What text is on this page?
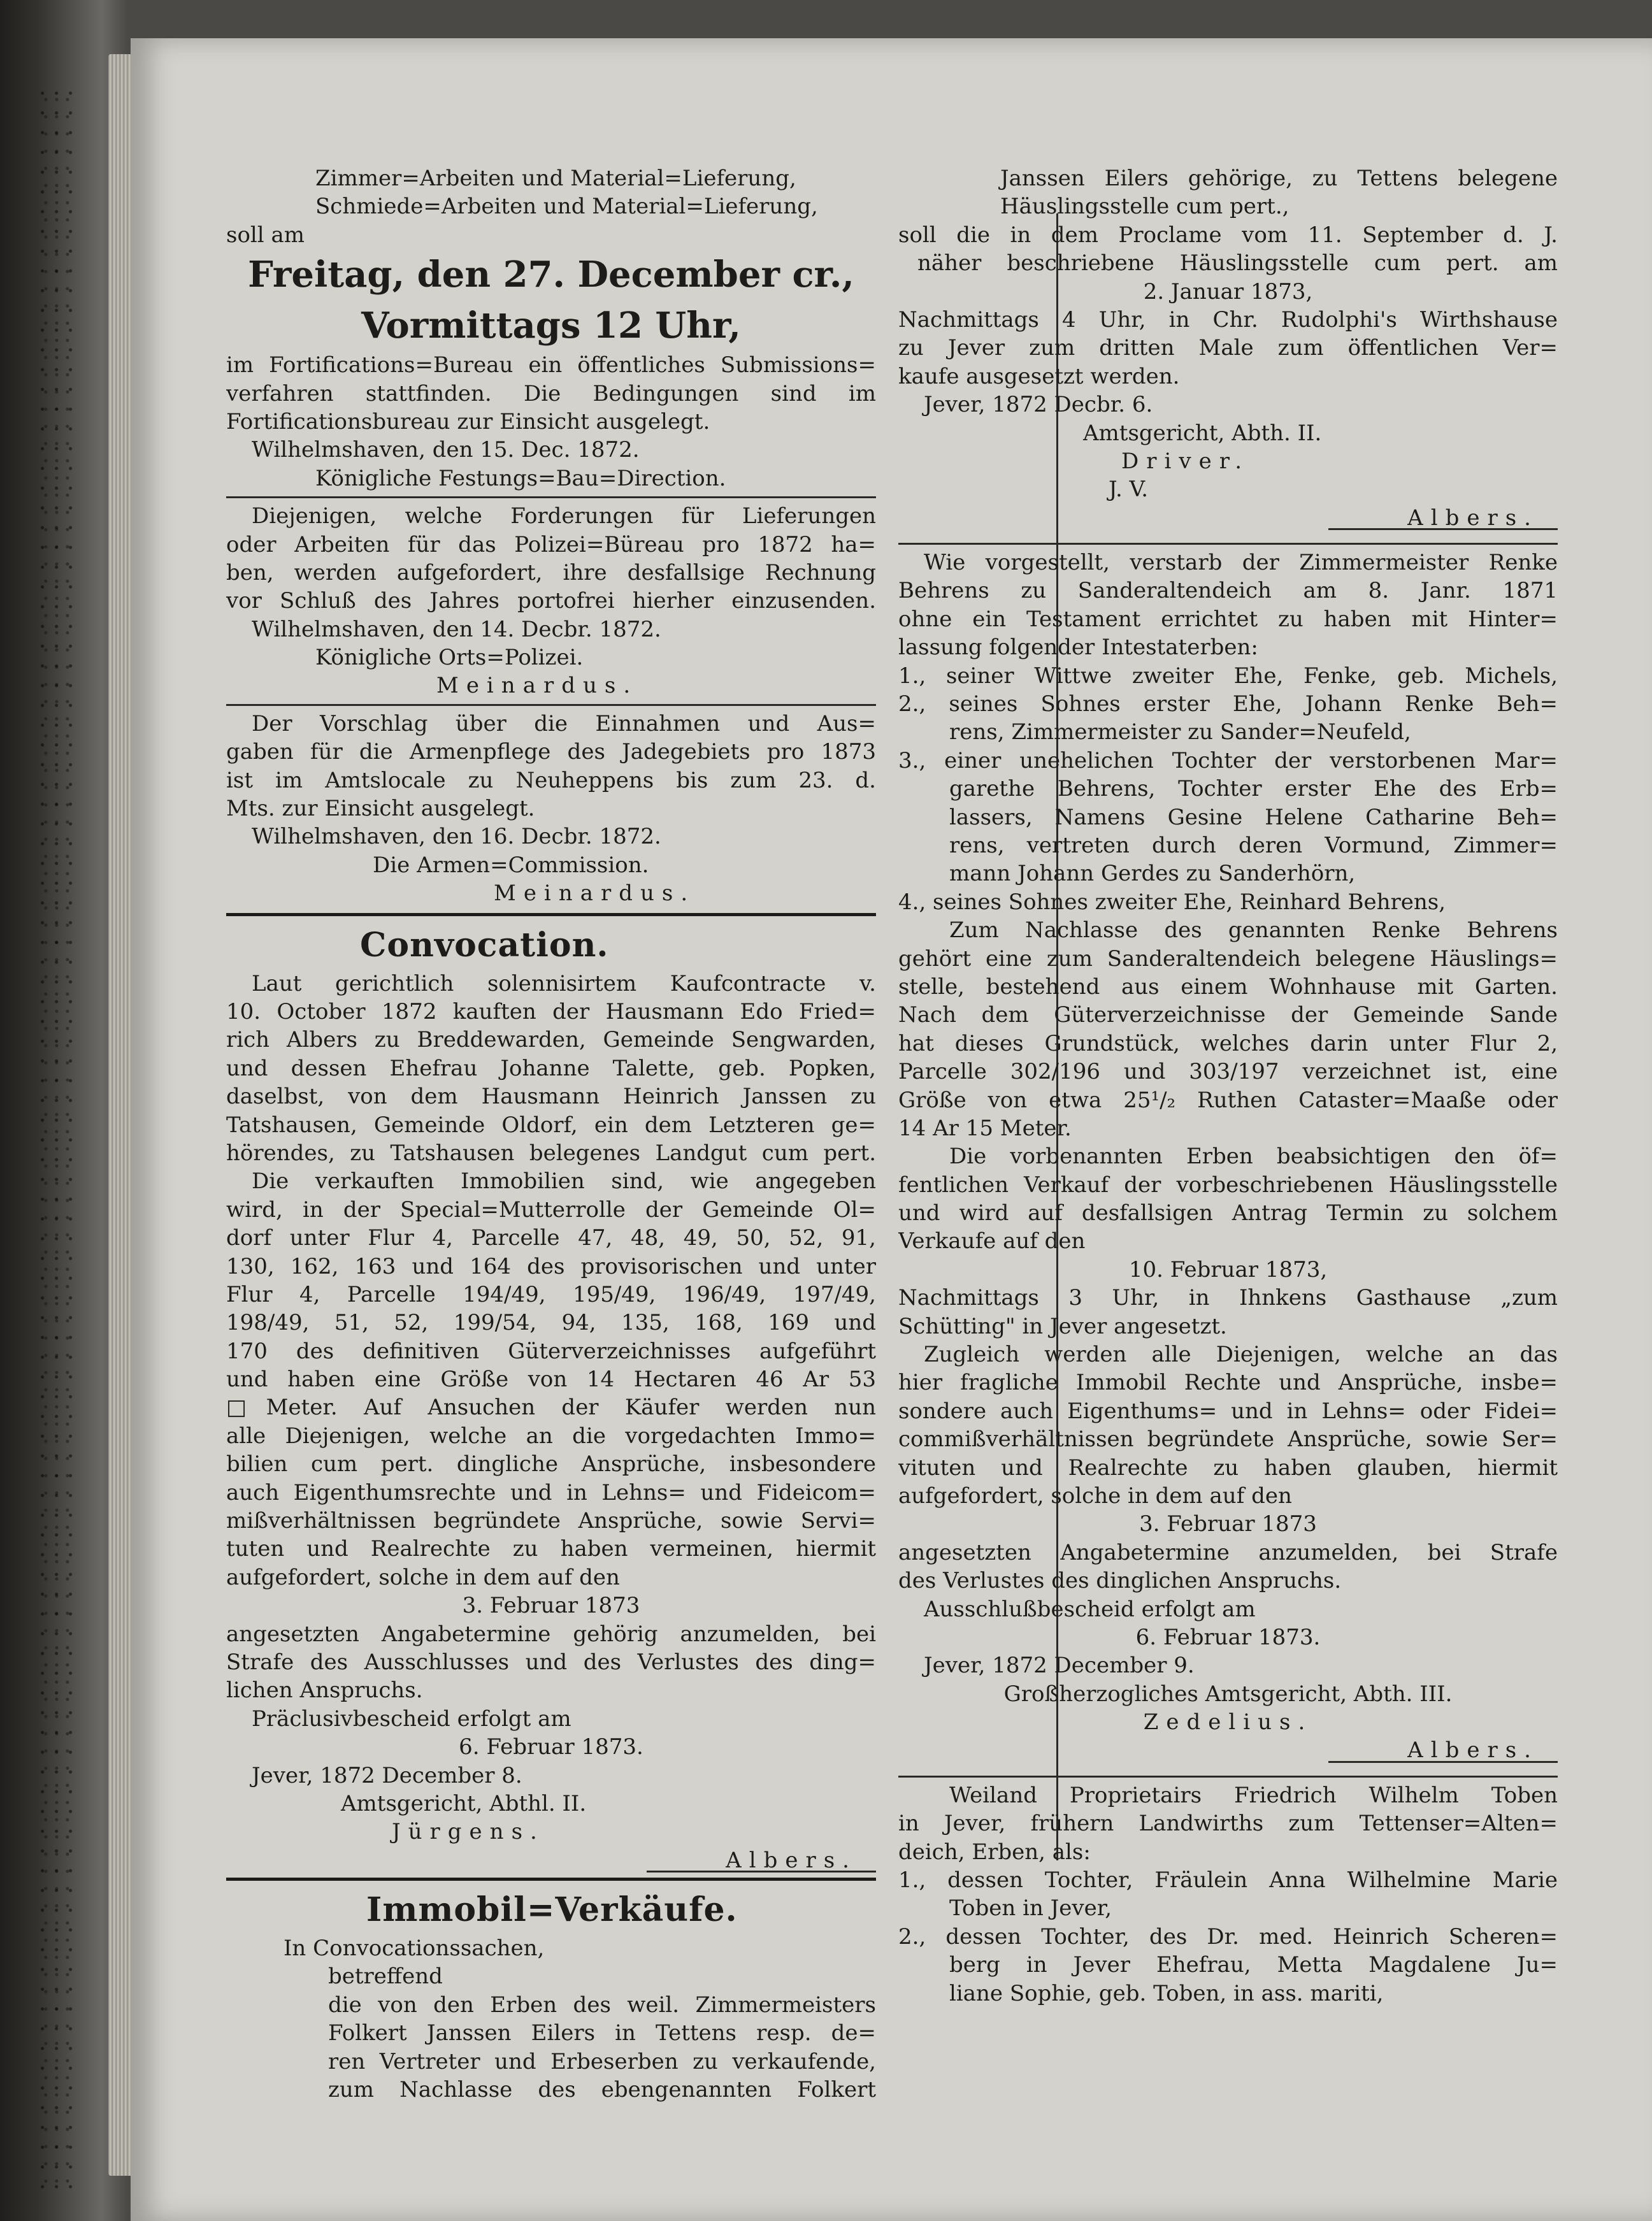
Zimmer=Arbeiten und Material=Lieferung,
Schmiede=Arbeiten und Material=Lieferung,
soll am
Freitag, den 27. December cr.,
Vormittags 12 Uhr,
im Fortifications=Bureau ein öffentliches Submissions=
verfahren stattfinden. Die Bedingungen sind im
Fortificationsbureau zur Einsicht ausgelegt.
Wilhelmshaven, den 15. Dec. 1872.
Königliche Festungs=Bau=Direction.
Diejenigen, welche Forderungen für Lieferungen
oder Arbeiten für das Polizei=Büreau pro 1872 ha=
ben, werden aufgefordert, ihre desfallsige Rechnung
vor Schluß des Jahres portofrei hierher einzusenden.
Wilhelmshaven, den 14. Decbr. 1872.
Königliche Orts=Polizei.
Meinardus.
Der Vorschlag über die Einnahmen und Aus=
gaben für die Armenpflege des Jadegebiets pro 1873
ist im Amtslocale zu Neuheppens bis zum 23. d.
Mts. zur Einsicht ausgelegt.
Wilhelmshaven, den 16. Decbr. 1872.
Die Armen=Commission.
Meinardus.
Convocation.
Laut gerichtlich solennisirtem Kaufcontracte v.
10. October 1872 kauften der Hausmann Edo Fried=
rich Albers zu Breddewarden, Gemeinde Sengwarden,
und dessen Ehefrau Johanne Talette, geb. Popken,
daselbst, von dem Hausmann Heinrich Janssen zu
Tatshausen, Gemeinde Oldorf, ein dem Letzteren ge=
hörendes, zu Tatshausen belegenes Landgut cum pert.
Die verkauften Immobilien sind, wie angegeben
wird, in der Special=Mutterrolle der Gemeinde Ol=
dorf unter Flur 4, Parcelle 47, 48, 49, 50, 52, 91,
130, 162, 163 und 164 des provisorischen und unter
Flur 4, Parcelle 194/49, 195/49, 196/49, 197/49,
198/49, 51, 52, 199/54, 94, 135, 168, 169 und
170 des definitiven Güterverzeichnisses aufgeführt
und haben eine Größe von 14 Hectaren 46 Ar 53
□Meter. Auf Ansuchen der Käufer werden nun
alle Diejenigen, welche an die vorgedachten Immo=
bilien cum pert. dingliche Ansprüche, insbesondere
auch Eigenthumsrechte und in Lehns= und Fideicom=
mißverhältnissen begründete Ansprüche, sowie Servi=
tuten und Realrechte zu haben vermeinen, hiermit
aufgefordert, solche in dem auf den
3. Februar 1873
angesetzten Angabetermine gehörig anzumelden, bei
Strafe des Ausschlusses und des Verlustes des ding=
lichen Anspruchs.
Präclusivbescheid erfolgt am
6. Februar 1873.
Jever, 1872 December 8.
Amtsgericht, Abthl. II.
Jürgens.
Albers.
Immobil=Verkäufe.
In Convocationssachen,
betreffend
die von den Erben des weil. Zimmermeisters
Folkert Janssen Eilers in Tettens resp. de=
ren Vertreter und Erbeserben zu verkaufende,
zum Nachlasse des ebengenannten Folkert
Janssen Eilers gehörige, zu Tettens belegene
Häuslingsstelle cum pert.,
soll die in dem Proclame vom 11. September d. J.
näher beschriebene Häuslingsstelle cum pert. am
2. Januar 1873,
Nachmittags 4 Uhr, in Chr. Rudolphi's Wirthshause
zu Jever zum dritten Male zum öffentlichen Ver=
kaufe ausgesetzt werden.
Jever, 1872 Decbr. 6.
Amtsgericht, Abth. II.
Driver.
J. V.
Albers.
Wie vorgestellt, verstarb der Zimmermeister Renke
Behrens zu Sanderaltendeich am 8. Janr. 1871
ohne ein Testament errichtet zu haben mit Hinter=
lassung folgender Intestaterben:
1., seiner Wittwe zweiter Ehe, Fenke, geb. Michels,
2., seines Sohnes erster Ehe, Johann Renke Beh=
rens, Zimmermeister zu Sander=Neufeld,
3., einer unehelichen Tochter der verstorbenen Mar=
garethe Behrens, Tochter erster Ehe des Erb=
lassers, Namens Gesine Helene Catharine Beh=
rens, vertreten durch deren Vormund, Zimmer=
mann Johann Gerdes zu Sanderhörn,
4., seines Sohnes zweiter Ehe, Reinhard Behrens,
Zum Nachlasse des genannten Renke Behrens
gehört eine zum Sanderaltendeich belegene Häuslings=
stelle, bestehend aus einem Wohnhause mit Garten.
Nach dem Güterverzeichnisse der Gemeinde Sande
hat dieses Grundstück, welches darin unter Flur 2,
Parcelle 302/196 und 303/197 verzeichnet ist, eine
Größe von etwa 25¹/₂ Ruthen Cataster=Maaße oder
14 Ar 15 Meter.
Die vorbenannten Erben beabsichtigen den öf=
fentlichen Verkauf der vorbeschriebenen Häuslingsstelle
und wird auf desfallsigen Antrag Termin zu solchem
Verkaufe auf den
10. Februar 1873,
Nachmittags 3 Uhr, in Ihnkens Gasthause „zum
Schütting" in Jever angesetzt.
Zugleich werden alle Diejenigen, welche an das
hier fragliche Immobil Rechte und Ansprüche, insbe=
sondere auch Eigenthums= und in Lehns= oder Fidei=
commißverhältnissen begründete Ansprüche, sowie Ser=
vituten und Realrechte zu haben glauben, hiermit
aufgefordert, solche in dem auf den
3. Februar 1873
angesetzten Angabetermine anzumelden, bei Strafe
des Verlustes des dinglichen Anspruchs.
Ausschlußbescheid erfolgt am
6. Februar 1873.
Jever, 1872 December 9.
Großherzogliches Amtsgericht, Abth. III.
Zedelius.
Albers.
Weiland Proprietairs Friedrich Wilhelm Toben
in Jever, frühern Landwirths zum Tettenser=Alten=
deich, Erben, als:
1., dessen Tochter, Fräulein Anna Wilhelmine Marie
Toben in Jever,
2., dessen Tochter, des Dr. med. Heinrich Scheren=
berg in Jever Ehefrau, Metta Magdalene Ju=
liane Sophie, geb. Toben, in ass. mariti,
